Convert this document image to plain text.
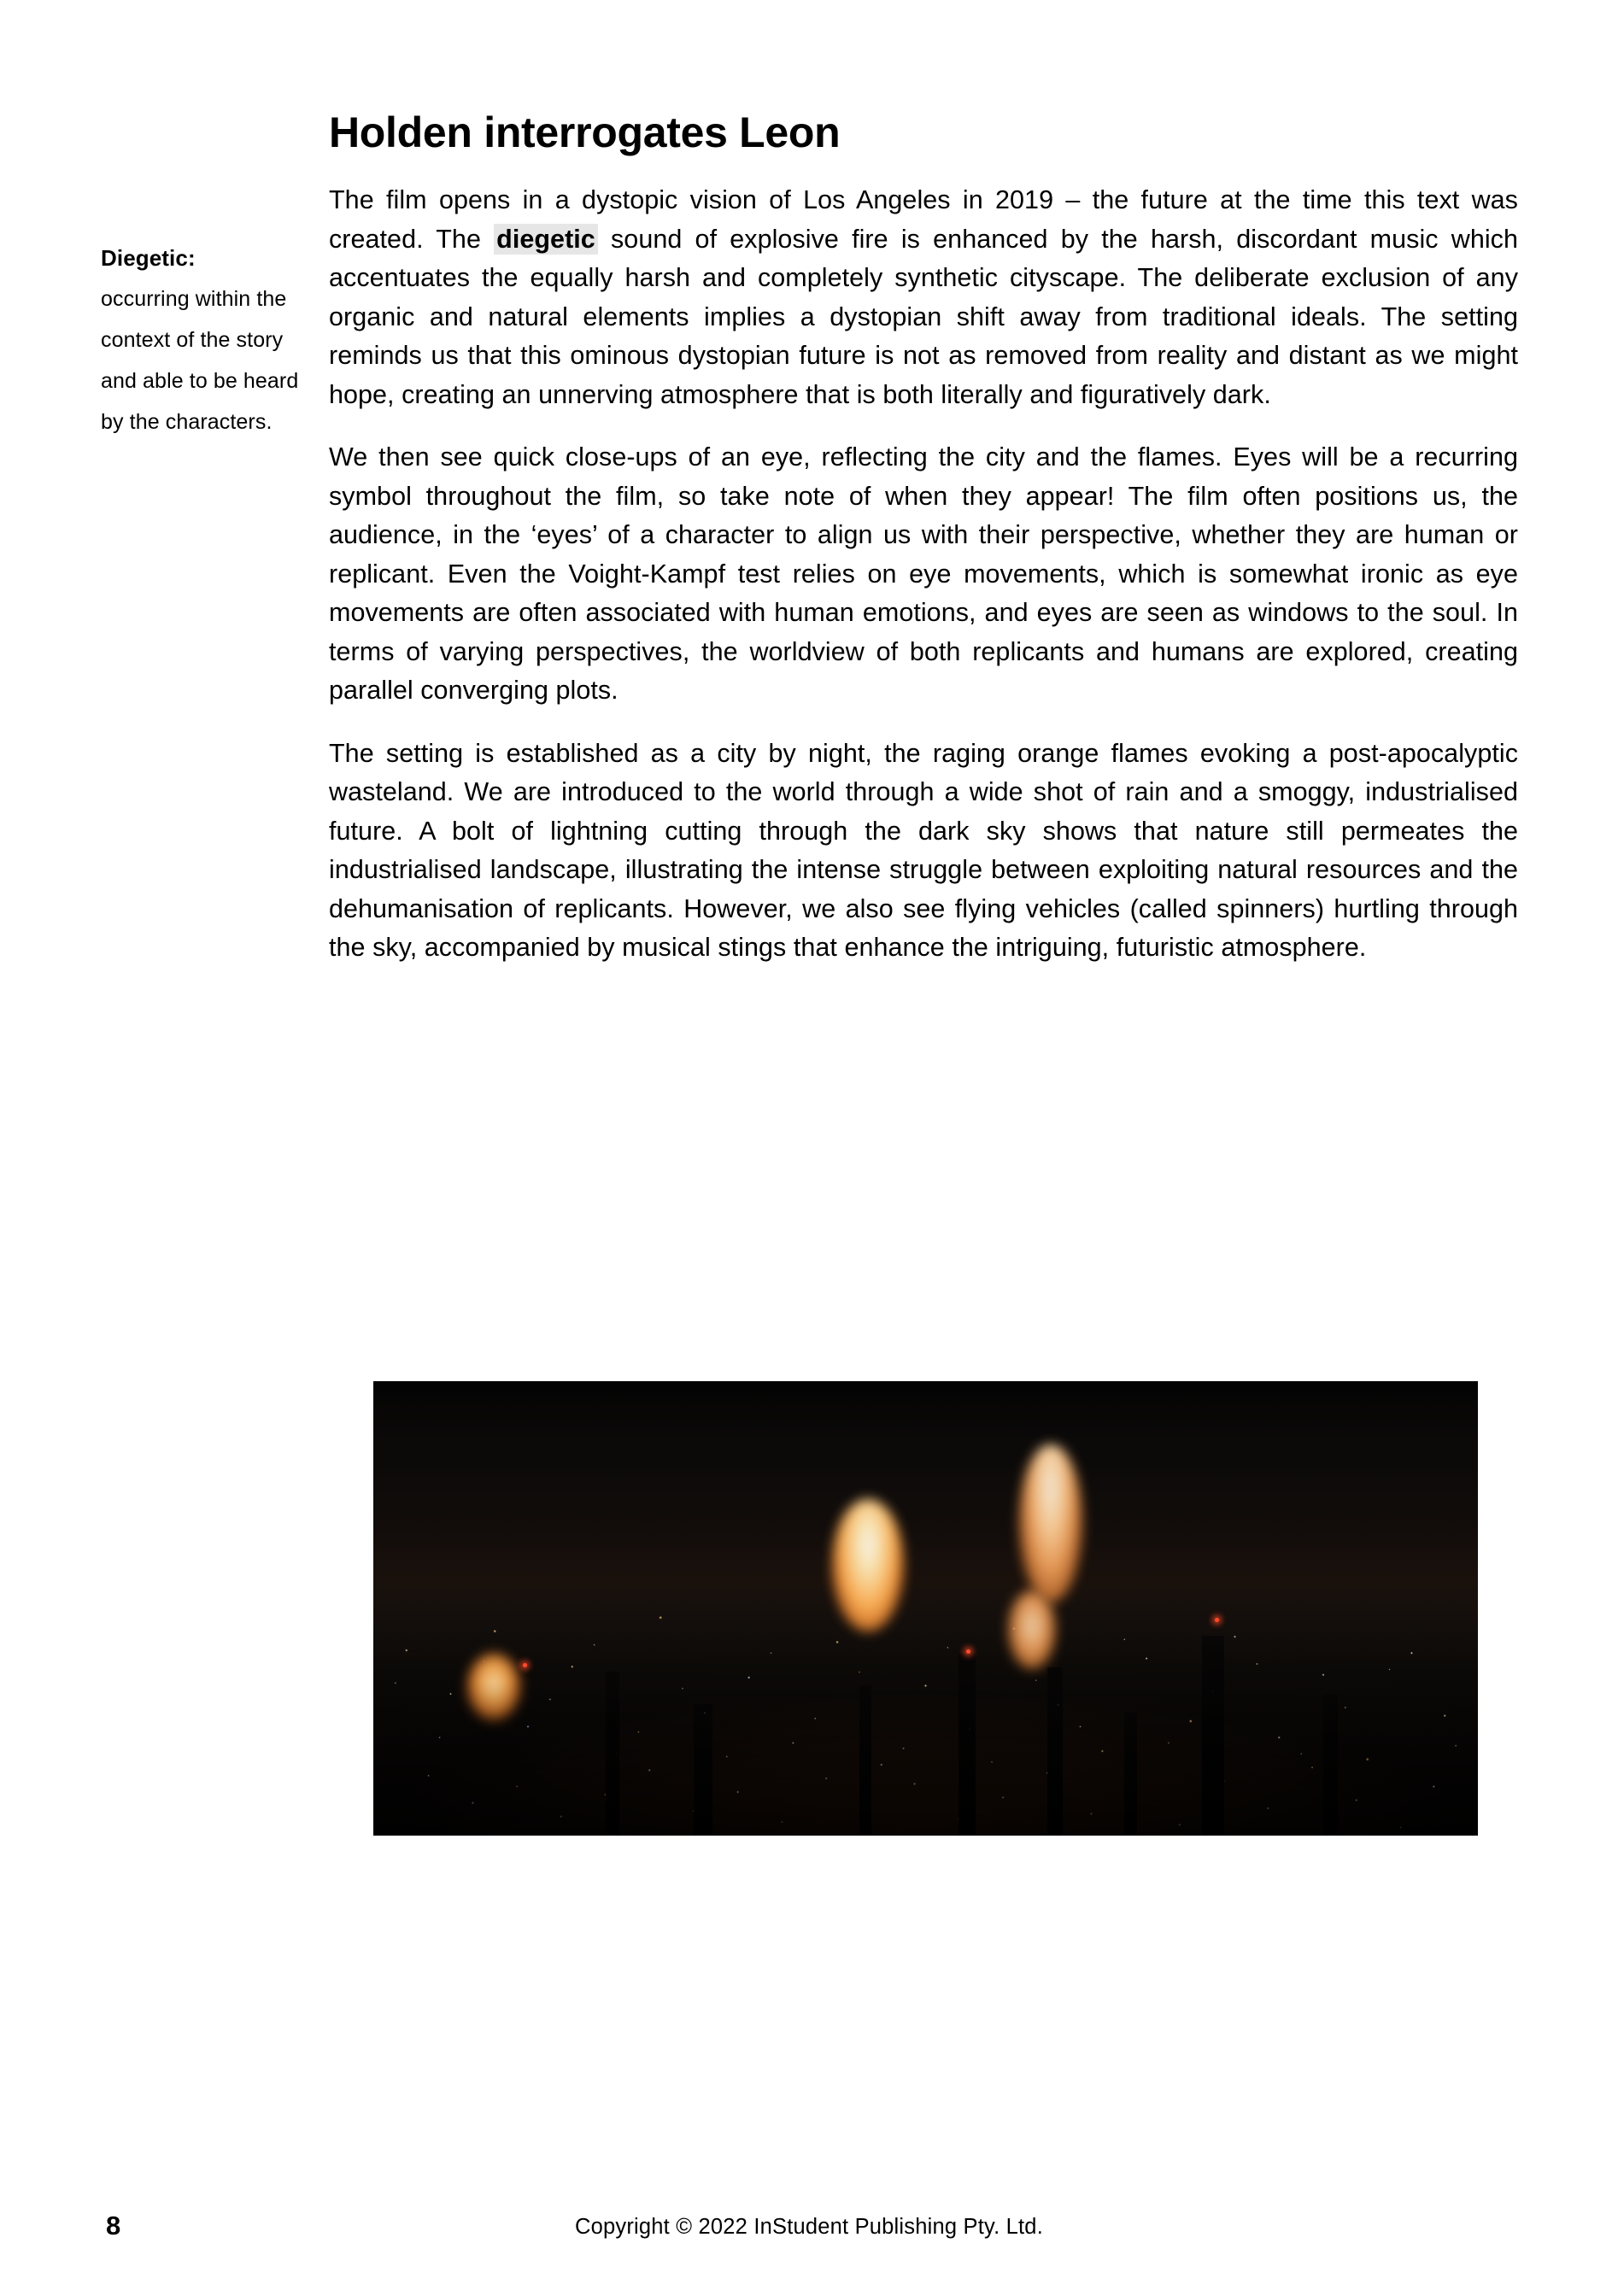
Diegetic:
occurring within the context of the story and able to be heard by the characters.
Holden interrogates Leon

The film opens in a dystopic vision of Los Angeles in 2019 – the future at the time this text was created. The diegetic sound of explosive fire is enhanced by the harsh, discordant music which accentuates the equally harsh and completely synthetic cityscape. The deliberate exclusion of any organic and natural elements implies a dystopian shift away from traditional ideals. The setting reminds us that this ominous dystopian future is not as removed from reality and distant as we might hope, creating an unnerving atmosphere that is both literally and figuratively dark.

We then see quick close-ups of an eye, reflecting the city and the flames. Eyes will be a recurring symbol throughout the film, so take note of when they appear! The film often positions us, the audience, in the ‘eyes’ of a character to align us with their perspective, whether they are human or replicant. Even the Voight-Kampf test relies on eye movements, which is somewhat ironic as eye movements are often associated with human emotions, and eyes are seen as windows to the soul. In terms of varying perspectives, the worldview of both replicants and humans are explored, creating parallel converging plots.

The setting is established as a city by night, the raging orange flames evoking a post-apocalyptic wasteland. We are introduced to the world through a wide shot of rain and a smoggy, industrialised future. A bolt of lightning cutting through the dark sky shows that nature still permeates the industrialised landscape, illustrating the intense struggle between exploiting natural resources and the dehumanisation of replicants. However, we also see flying vehicles (called spinners) hurtling through the sky, accompanied by musical stings that enhance the intriguing, futuristic atmosphere.

8	Copyright © 2022 InStudent Publishing Pty. Ltd.
